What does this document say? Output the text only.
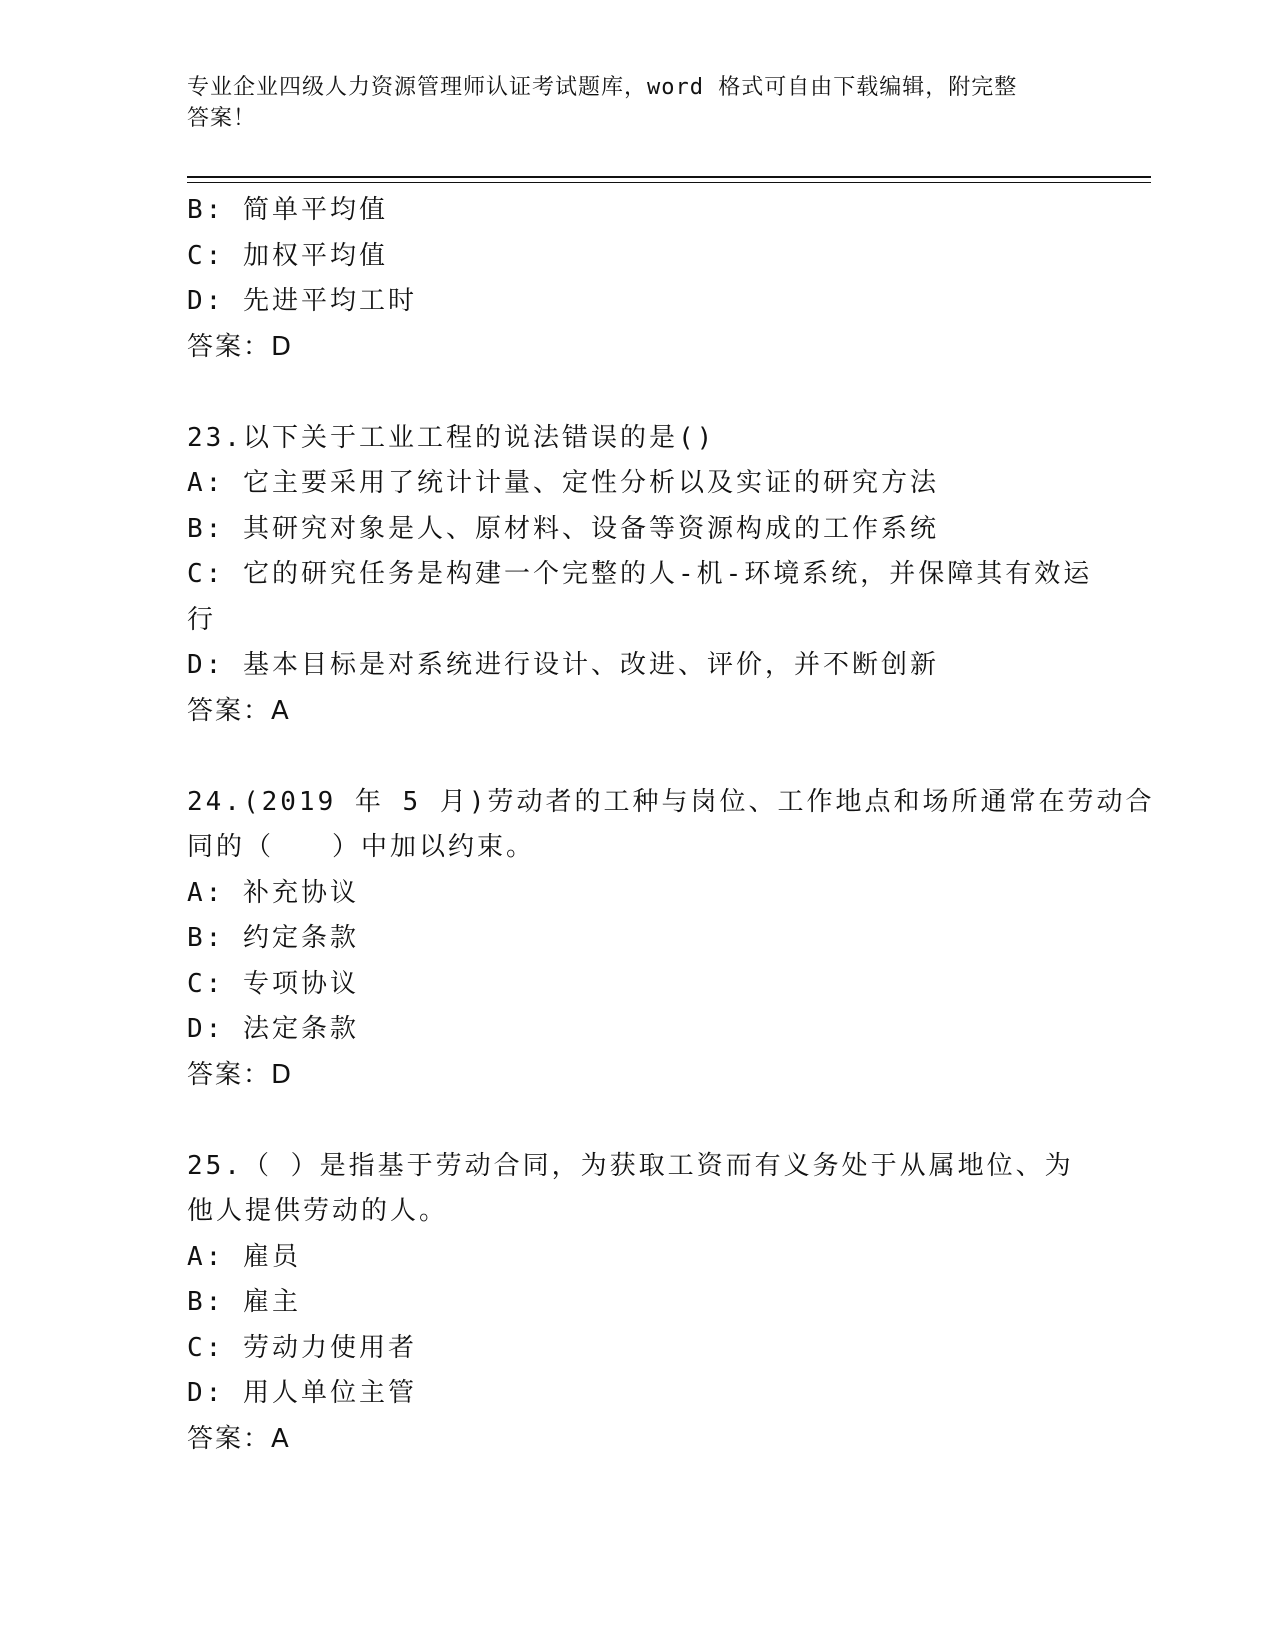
专业企业四级人力资源管理师认证考试题库，word 格式可自由下载编辑，附完整
答案！
B: 简单平均值
C: 加权平均值
D: 先进平均工时
答案：D
23.以下关于工业工程的说法错误的是()
A: 它主要采用了统计计量、定性分析以及实证的研究方法
B: 其研究对象是人、原材料、设备等资源构成的工作系统
C: 它的研究任务是构建一个完整的人-机-环境系统，并保障其有效运
行
D: 基本目标是对系统进行设计、改进、评价，并不断创新
答案：A
24.(2019 年 5 月)劳动者的工种与岗位、工作地点和场所通常在劳动合
同的（　　）中加以约束。
A: 补充协议
B: 约定条款
C: 专项协议
D: 法定条款
答案：D
25.（ ）是指基于劳动合同，为获取工资而有义务处于从属地位、为
他人提供劳动的人。
A: 雇员
B: 雇主
C: 劳动力使用者
D: 用人单位主管
答案：A
